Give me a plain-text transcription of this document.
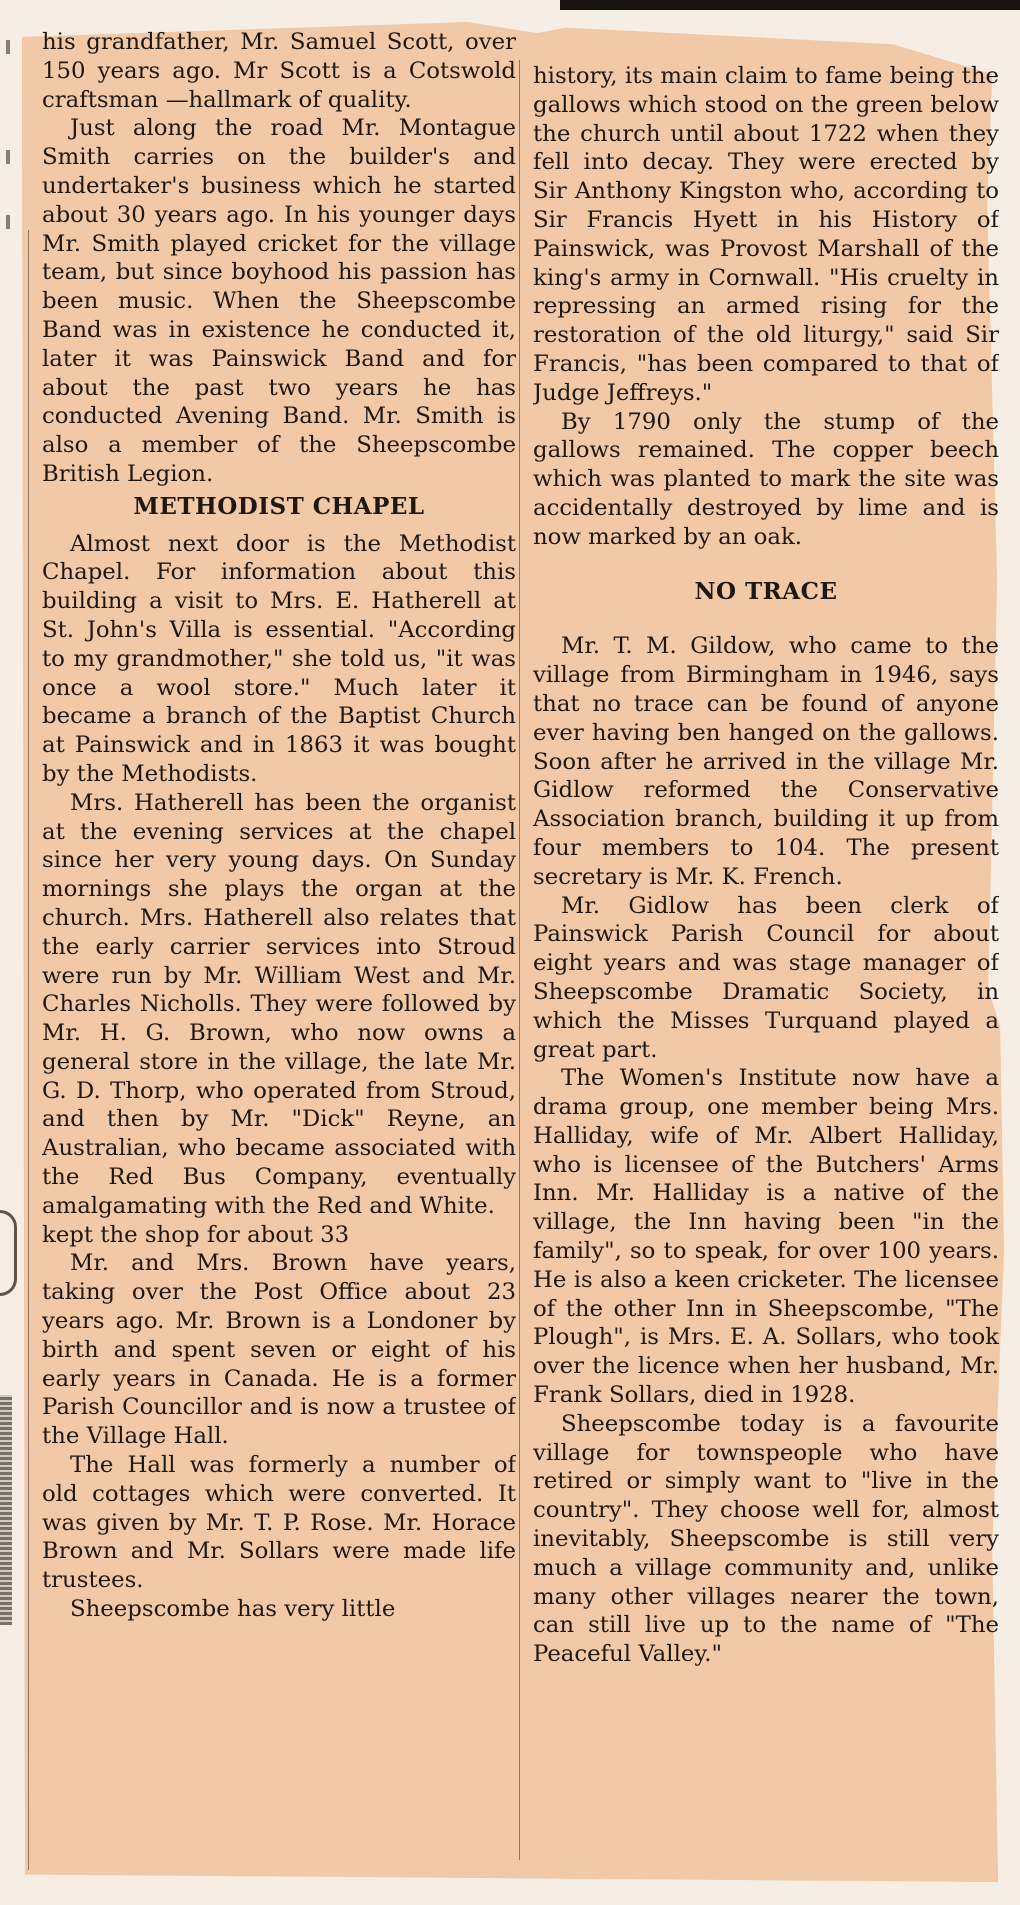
his grandfather, Mr. Samuel Scott, over 150 years ago. Mr Scott is a Cotswold craftsman —hallmark of quality.

Just along the road Mr. Montague Smith carries on the builder's and undertaker's business which he started about 30 years ago. In his younger days Mr. Smith played cricket for the village team, but since boyhood his passion has been music. When the Sheepscombe Band was in existence he conducted it, later it was Painswick Band and for about the past two years he has conducted Avening Band. Mr. Smith is also a member of the Sheepscombe British Legion.

METHODIST CHAPEL

Almost next door is the Methodist Chapel. For information about this building a visit to Mrs. E. Hatherell at St. John's Villa is essential. "According to my grandmother," she told us, "it was once a wool store." Much later it became a branch of the Baptist Church at Painswick and in 1863 it was bought by the Methodists.

Mrs. Hatherell has been the organist at the evening services at the chapel since her very young days. On Sunday mornings she plays the organ at the church. Mrs. Hatherell also relates that the early carrier services into Stroud were run by Mr. William West and Mr. Charles Nicholls. They were followed by Mr. H. G. Brown, who now owns a general store in the village, the late Mr. G. D. Thorp, who operated from Stroud, and then by Mr. "Dick" Reyne, an Australian, who became associated with the Red Bus Company, eventually amalgamating with the Red and White.

kept the shop for about 33

Mr. and Mrs. Brown have years, taking over the Post Office about 23 years ago. Mr. Brown is a Londoner by birth and spent seven or eight of his early years in Canada. He is a former Parish Councillor and is now a trustee of the Village Hall.

The Hall was formerly a number of old cottages which were converted. It was given by Mr. T. P. Rose. Mr. Horace Brown and Mr. Sollars were made life trustees.

Sheepscombe has very little

history, its main claim to fame being the gallows which stood on the green below the church until about 1722 when they fell into decay. They were erected by Sir Anthony Kingston who, according to Sir Francis Hyett in his History of Painswick, was Provost Marshall of the king's army in Cornwall. "His cruelty in repressing an armed rising for the restoration of the old liturgy," said Sir Francis, "has been compared to that of Judge Jeffreys."

By 1790 only the stump of the gallows remained. The copper beech which was planted to mark the site was accidentally destroyed by lime and is now marked by an oak.

NO TRACE

Mr. T. M. Gildow, who came to the village from Birmingham in 1946, says that no trace can be found of anyone ever having ben hanged on the gallows. Soon after he arrived in the village Mr. Gidlow reformed the Conservative Association branch, building it up from four members to 104. The present secretary is Mr. K. French.

Mr. Gidlow has been clerk of Painswick Parish Council for about eight years and was stage manager of Sheepscombe Dramatic Society, in which the Misses Turquand played a great part.

The Women's Institute now have a drama group, one member being Mrs. Halliday, wife of Mr. Albert Halliday, who is licensee of the Butchers' Arms Inn. Mr. Halliday is a native of the village, the Inn having been "in the family", so to speak, for over 100 years. He is also a keen cricketer. The licensee of the other Inn in Sheepscombe, "The Plough", is Mrs. E. A. Sollars, who took over the licence when her husband, Mr. Frank Sollars, died in 1928.

Sheepscombe today is a favourite village for townspeople who have retired or simply want to "live in the country". They choose well for, almost inevitably, Sheepscombe is still very much a village community and, unlike many other villages nearer the town, can still live up to the name of "The Peaceful Valley."
